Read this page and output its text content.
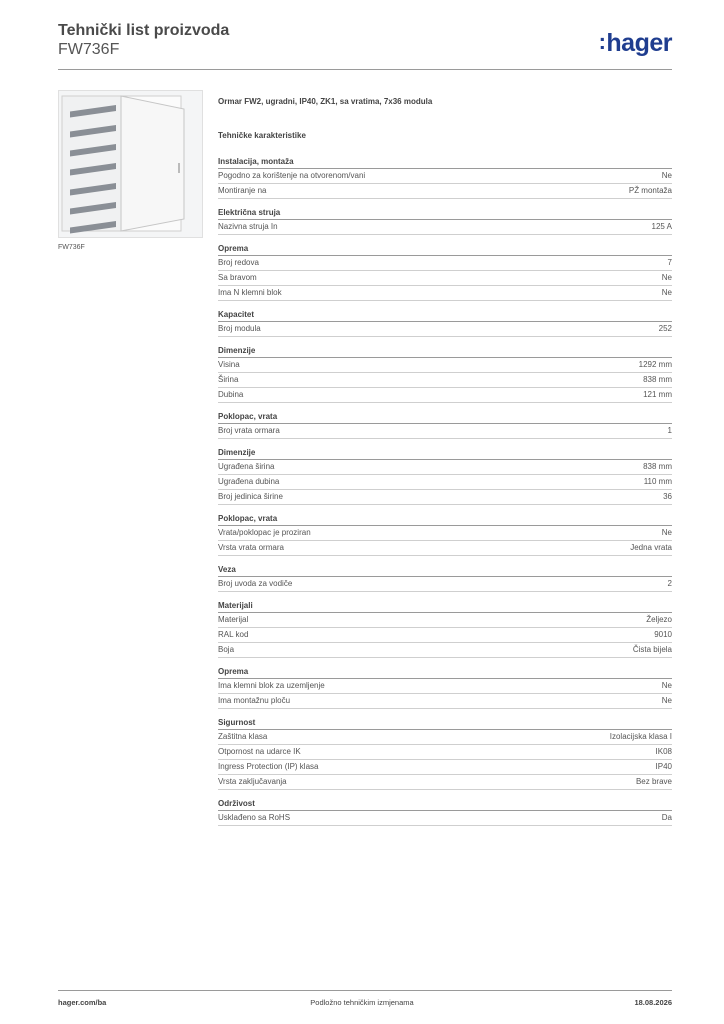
Tehnički list proizvoda
FW736F	:hager
FW736F
Ormar FW2, ugradni, IP40, ZK1, sa vratima, 7x36 modula
Tehničke karakteristike
Instalacija, montaža
Pogodno za korištenje na otvorenom/vani	Ne
Montiranje na	PŽ montaža
Električna struja
Nazivna struja In	125 A
Oprema
Broj redova	7
Sa bravom	Ne
Ima N klemni blok	Ne
Kapacitet
Broj modula	252
Dimenzije
Visina	1292 mm
Širina	838 mm
Dubina	121 mm
Poklopac, vrata
Broj vrata ormara	1
Dimenzije
Ugrađena širina	838 mm
Ugrađena dubina	110 mm
Broj jedinica širine	36
Poklopac, vrata
Vrata/poklopac je proziran	Ne
Vrsta vrata ormara	Jedna vrata
Veza
Broj uvoda za vodiče	2
Materijali
Materijal	Željezo
RAL kod	9010
Boja	Čista bijela
Oprema
Ima klemni blok za uzemljenje	Ne
Ima montažnu ploču	Ne
Sigurnost
Zaštitna klasa	Izolacijska klasa I
Otpornost na udarce IK	IK08
Ingress Protection (IP) klasa	IP40
Vrsta zaključavanja	Bez brave
Održivost
Usklađeno sa RoHS	Da
hager.com/ba	Podložno tehničkim izmjenama	18.08.2026
